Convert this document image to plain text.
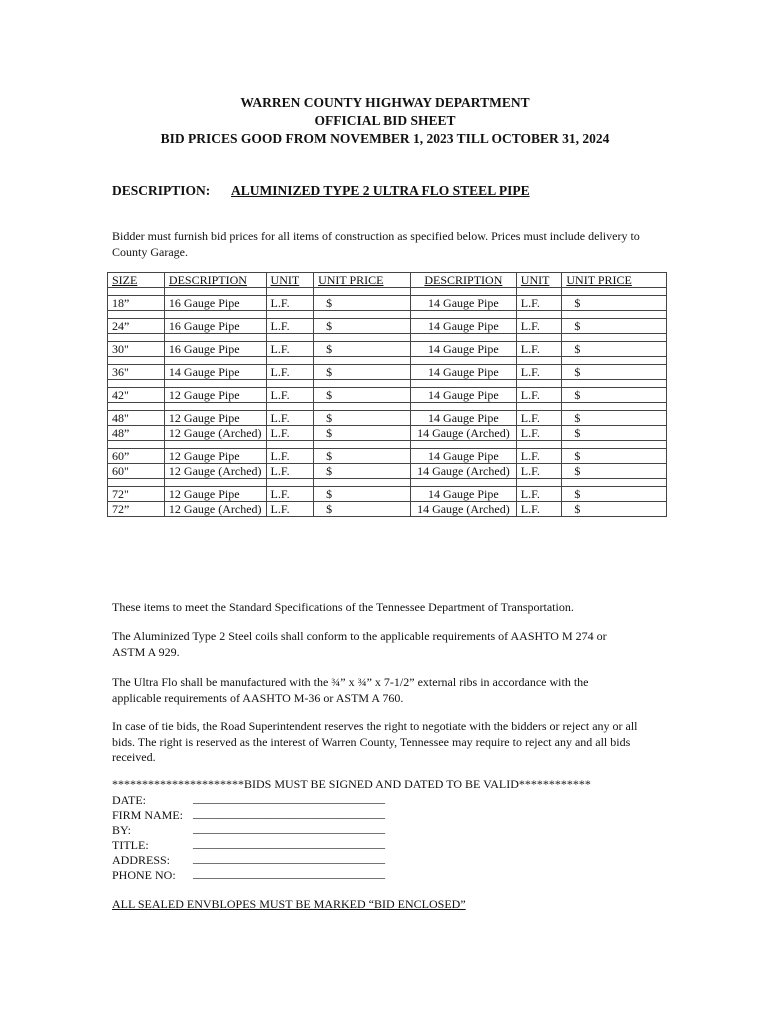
WARREN COUNTY HIGHWAY DEPARTMENT
OFFICIAL BID SHEET
BID PRICES GOOD FROM NOVEMBER 1, 2023 TILL OCTOBER 31, 2024
DESCRIPTION: ALUMINIZED TYPE 2 ULTRA FLO STEEL PIPE
Bidder must furnish bid prices for all items of construction as specified below. Prices must include delivery to County Garage.
SIZE	DESCRIPTION	UNIT	UNIT PRICE	DESCRIPTION	UNIT	UNIT PRICE

18”	16 Gauge Pipe	L.F.	$	14 Gauge Pipe	L.F.	$

24”	16 Gauge Pipe	L.F.	$	14 Gauge Pipe	L.F.	$

30"	16 Gauge Pipe	L.F.	$	14 Gauge Pipe	L.F.	$

36"	14 Gauge Pipe	L.F.	$	14 Gauge Pipe	L.F.	$

42"	12 Gauge Pipe	L.F.	$	14 Gauge Pipe	L.F.	$

48"	12 Gauge Pipe	L.F.	$	14 Gauge Pipe	L.F.	$
48”	12 Gauge (Arched)	L.F.	$	14 Gauge (Arched)	L.F.	$

60”	12 Gauge Pipe	L.F.	$	14 Gauge Pipe	L.F.	$
60"	12 Gauge (Arched)	L.F.	$	14 Gauge (Arched)	L.F.	$

72"	12 Gauge Pipe	L.F.	$	14 Gauge Pipe	L.F.	$
72”	12 Gauge (Arched)	L.F.	$	14 Gauge (Arched)	L.F.	$
These items to meet the Standard Specifications of the Tennessee Department of Transportation.
The Aluminized Type 2 Steel coils shall conform to the applicable requirements of AASHTO M 274 or ASTM A 929.
The Ultra Flo shall be manufactured with the ¾” x ¾” x 7-1/2” external ribs in accordance with the applicable requirements of AASHTO M-36 or ASTM A 760.
In case of tie bids, the Road Superintendent reserves the right to negotiate with the bidders or reject any or all bids. The right is reserved as the interest of Warren County, Tennessee may require to reject any and all bids received.
**********************BIDS MUST BE SIGNED AND DATED TO BE VALID************
DATE:
FIRM NAME:
BY:
TITLE:
ADDRESS:
PHONE NO:
________________________________
________________________________
________________________________
________________________________
________________________________
________________________________
ALL SEALED ENVBLOPES MUST BE MARKED “BID ENCLOSED”
